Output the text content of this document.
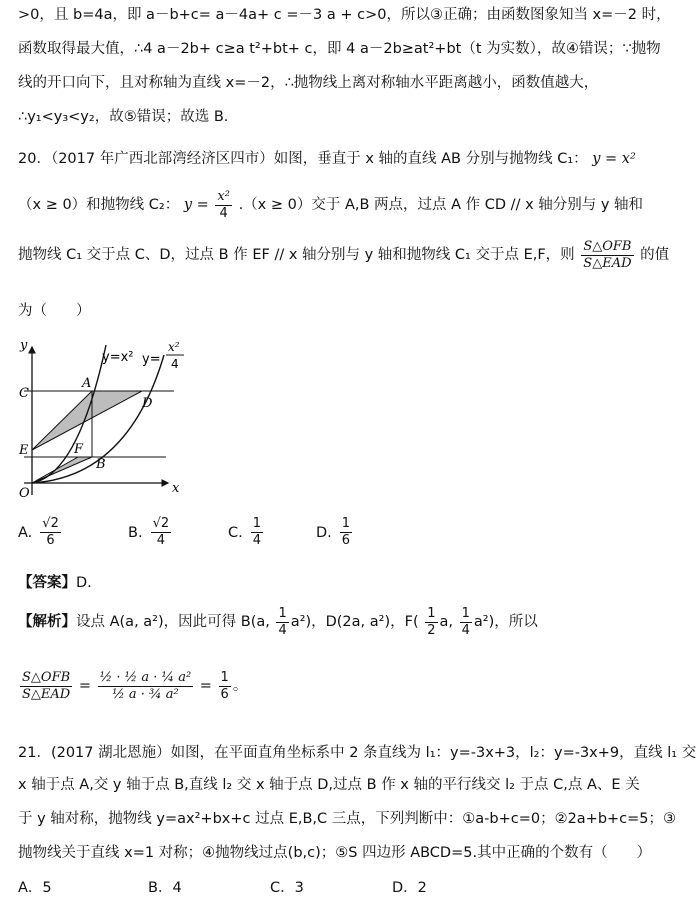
>0，且 b=4a，即 a－b+c= a－4a+ c =－3 a + c>0，所以③正确；由函数图象知当 x=－2 时，
函数取得最大值，∴4 a－2b+ c≥a t²+bt+ c，即 4 a－2b≥at²+bt（t 为实数），故④错误；∵抛物
线的开口向下，且对称轴为直线 x=－2，∴抛物线上离对称轴水平距离越小，函数值越大，
∴y₁<y₃<y₂，故⑤错误；故选 B.
20．（2017 年广西北部湾经济区四市）如图，垂直于 x 轴的直线 AB 分别与抛物线 C₁： y = x²
（x ≥ 0）和抛物线 C₂： $y = \frac{\text{x²}}{4} .(x \ge 0)$交于 A,B 两点，过点 A 作 CD // x 轴分别与 y 轴和
抛物线 C₁ 交于点 C、D，过点 B 作 EF // x 轴分别与 y 轴和抛物线 C₁ 交于点 E,F，则 $\frac{\text{S△OFB}}{\text{S△EAD}}$ 的值
为（　　）
y
x
O
C
E
A
B
D
F
y=x² y=
x²
4
A. $\frac{√2}{6}$	B. $\frac{√2}{4}$	C. $\frac{1}{4}$	D. $\frac{1}{6}$
【答案】D.
【解析】设点 A(a, a²)，因此可得 B(a, $\frac{1}{4} a^2$)，D(2a, a²)，$F( \frac{1}{2} a$, $\frac{1}{4} a^2$)，所以
$\frac{\text{S△OFB}}{\text{S△EAD}} = \frac{\text{½ · ½ a · ¼ a²}}{\text{½ a · ¾ a²}} = \frac{1}{6}$ 。
21．(2017 湖北恩施）如图，在平面直角坐标系中 2 条直线为 l₁：y=-3x+3，l₂：y=-3x+9，直线 l₁ 交
x 轴于点 A,交 y 轴于点 B,直线 l₂ 交 x 轴于点 D,过点 B 作 x 轴的平行线交 l₂ 于点 C,点 A、E 关
于 y 轴对称，抛物线 y=ax²+bx+c 过点 E,B,C 三点，下列判断中：①a-b+c=0；②2a+b+c=5；③
抛物线关于直线 x=1 对称；④抛物线过点(b,c)；⑤S 四边形 ABCD=5.其中正确的个数有（　　）
A．5	B．4	C．3	D．2
